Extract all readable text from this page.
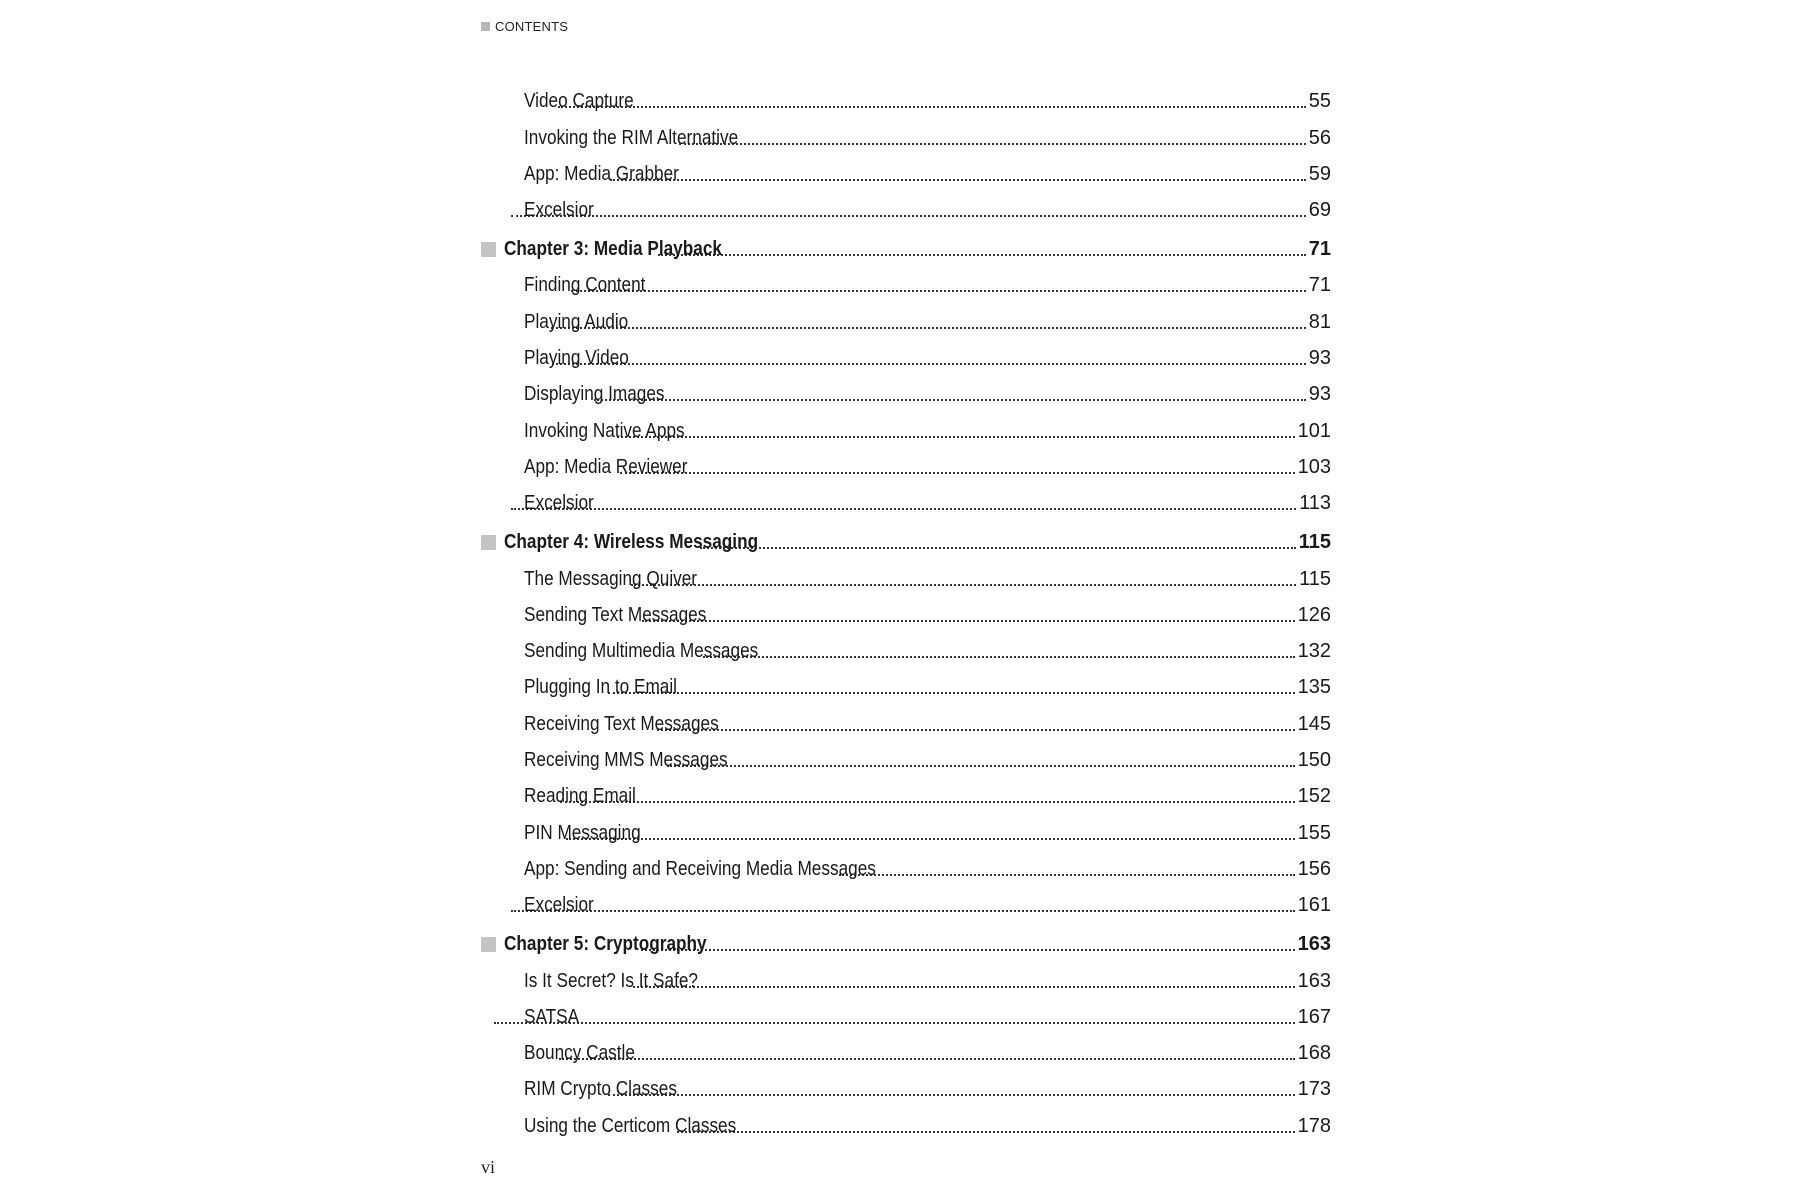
CONTENTS
Video Capture	55
Invoking the RIM Alternative	56
App: Media Grabber	59
Excelsior	69
Chapter 3: Media Playback	71
Finding Content	71
Playing Audio	81
Playing Video	93
Displaying Images	93
Invoking Native Apps	101
App: Media Reviewer	103
Excelsior	113
Chapter 4: Wireless Messaging	115
The Messaging Quiver	115
Sending Text Messages	126
Sending Multimedia Messages	132
Plugging In to Email	135
Receiving Text Messages	145
Receiving MMS Messages	150
Reading Email	152
PIN Messaging	155
App: Sending and Receiving Media Messages	156
Excelsior	161
Chapter 5: Cryptography	163
Is It Secret? Is It Safe?	163
SATSA	167
Bouncy Castle	168
RIM Crypto Classes	173
Using the Certicom Classes	178
vi
